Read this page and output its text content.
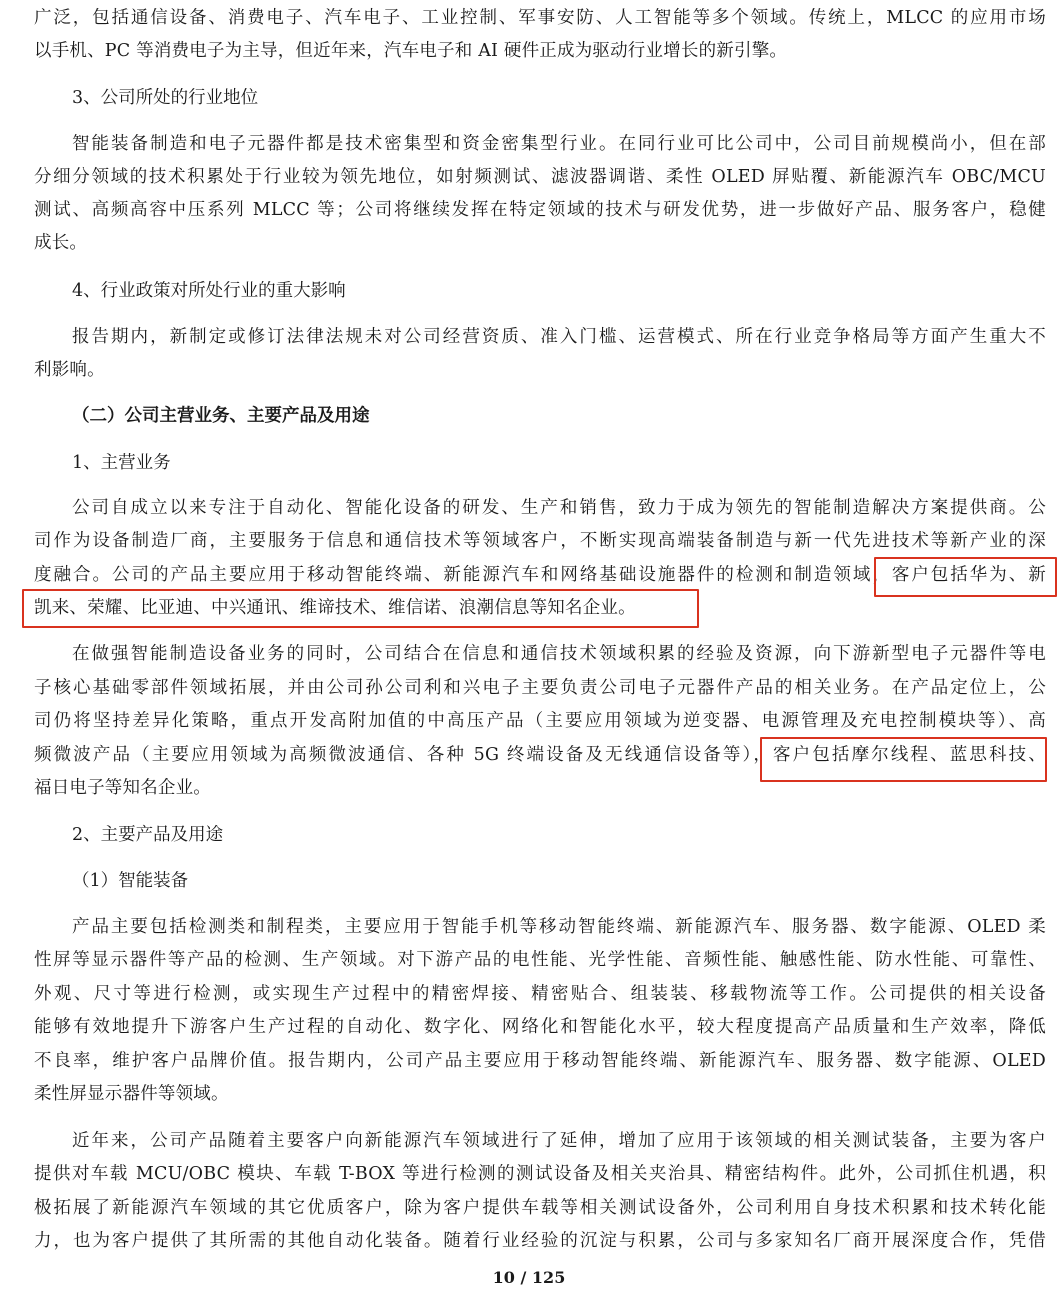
广泛，包括通信设备、消费电子、汽车电子、工业控制、军事安防、人工智能等多个领域。传统上，MLCC 的应用市场
以手机、PC 等消费电子为主导，但近年来，汽车电子和 AI 硬件正成为驱动行业增长的新引擎。
3、公司所处的行业地位
智能装备制造和电子元器件都是技术密集型和资金密集型行业。在同行业可比公司中，公司目前规模尚小，但在部
分细分领域的技术积累处于行业较为领先地位，如射频测试、滤波器调谐、柔性 OLED 屏贴覆、新能源汽车 OBC/MCU
测试、高频高容中压系列 MLCC 等；公司将继续发挥在特定领域的技术与研发优势，进一步做好产品、服务客户，稳健
成长。
4、行业政策对所处行业的重大影响
报告期内，新制定或修订法律法规未对公司经营资质、准入门槛、运营模式、所在行业竞争格局等方面产生重大不
利影响。
（二）公司主营业务、主要产品及用途
1、主营业务
公司自成立以来专注于自动化、智能化设备的研发、生产和销售，致力于成为领先的智能制造解决方案提供商。公
司作为设备制造厂商，主要服务于信息和通信技术等领域客户，不断实现高端装备制造与新一代先进技术等新产业的深
度融合。公司的产品主要应用于移动智能终端、新能源汽车和网络基础设施器件的检测和制造领域，客户包括华为、新
凯来、荣耀、比亚迪、中兴通讯、维谛技术、维信诺、浪潮信息等知名企业。
在做强智能制造设备业务的同时，公司结合在信息和通信技术领域积累的经验及资源，向下游新型电子元器件等电
子核心基础零部件领域拓展，并由公司孙公司利和兴电子主要负责公司电子元器件产品的相关业务。在产品定位上，公
司仍将坚持差异化策略，重点开发高附加值的中高压产品（主要应用领域为逆变器、电源管理及充电控制模块等）、高
频微波产品（主要应用领域为高频微波通信、各种 5G 终端设备及无线通信设备等），客户包括摩尔线程、蓝思科技、
福日电子等知名企业。
2、主要产品及用途
（1）智能装备
产品主要包括检测类和制程类，主要应用于智能手机等移动智能终端、新能源汽车、服务器、数字能源、OLED 柔
性屏等显示器件等产品的检测、生产领域。对下游产品的电性能、光学性能、音频性能、触感性能、防水性能、可靠性、
外观、尺寸等进行检测，或实现生产过程中的精密焊接、精密贴合、组装装、移载物流等工作。公司提供的相关设备
能够有效地提升下游客户生产过程的自动化、数字化、网络化和智能化水平，较大程度提高产品质量和生产效率，降低
不良率，维护客户品牌价值。报告期内，公司产品主要应用于移动智能终端、新能源汽车、服务器、数字能源、OLED
柔性屏显示器件等领域。
近年来，公司产品随着主要客户向新能源汽车领域进行了延伸，增加了应用于该领域的相关测试装备，主要为客户
提供对车载 MCU/OBC 模块、车载 T-BOX 等进行检测的测试设备及相关夹治具、精密结构件。此外，公司抓住机遇，积
极拓展了新能源汽车领域的其它优质客户，除为客户提供车载等相关测试设备外，公司利用自身技术积累和技术转化能
力，也为客户提供了其所需的其他自动化装备。随着行业经验的沉淀与积累，公司与多家知名厂商开展深度合作，凭借
10 / 125
